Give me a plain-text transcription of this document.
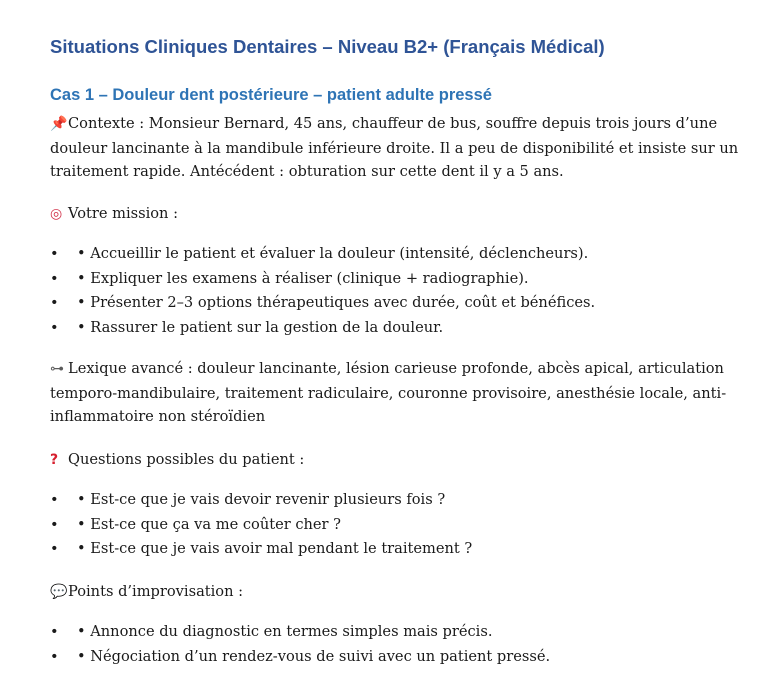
Situations Cliniques Dentaires – Niveau B2+ (Français Médical)
Cas 1 – Douleur dent postérieure – patient adulte pressé

📌Contexte : Monsieur Bernard, 45 ans, chauffeur de bus, souffre depuis trois jours d’une douleur lancinante à la mandibule inférieure droite. Il a peu de disponibilité et insiste sur un traitement rapide. Antécédent : obturation sur cette dent il y a 5 ans.

◎ Votre mission :

• • Accueillir le patient et évaluer la douleur (intensité, déclencheurs).
• • Expliquer les examens à réaliser (clinique + radiographie).
• • Présenter 2–3 options thérapeutiques avec durée, coût et bénéfices.
• • Rassurer le patient sur la gestion de la douleur.

⊶ Lexique avancé : douleur lancinante, lésion carieuse profonde, abcès apical, articulation temporo-mandibulaire, traitement radiculaire, couronne provisoire, anesthésie locale, anti-inflammatoire non stéroïdien

? Questions possibles du patient :

• • Est-ce que je vais devoir revenir plusieurs fois ?
• • Est-ce que ça va me coûter cher ?
• • Est-ce que je vais avoir mal pendant le traitement ?

💬Points d’improvisation :

• • Annonce du diagnostic en termes simples mais précis.
• • Négociation d’un rendez-vous de suivi avec un patient pressé.
